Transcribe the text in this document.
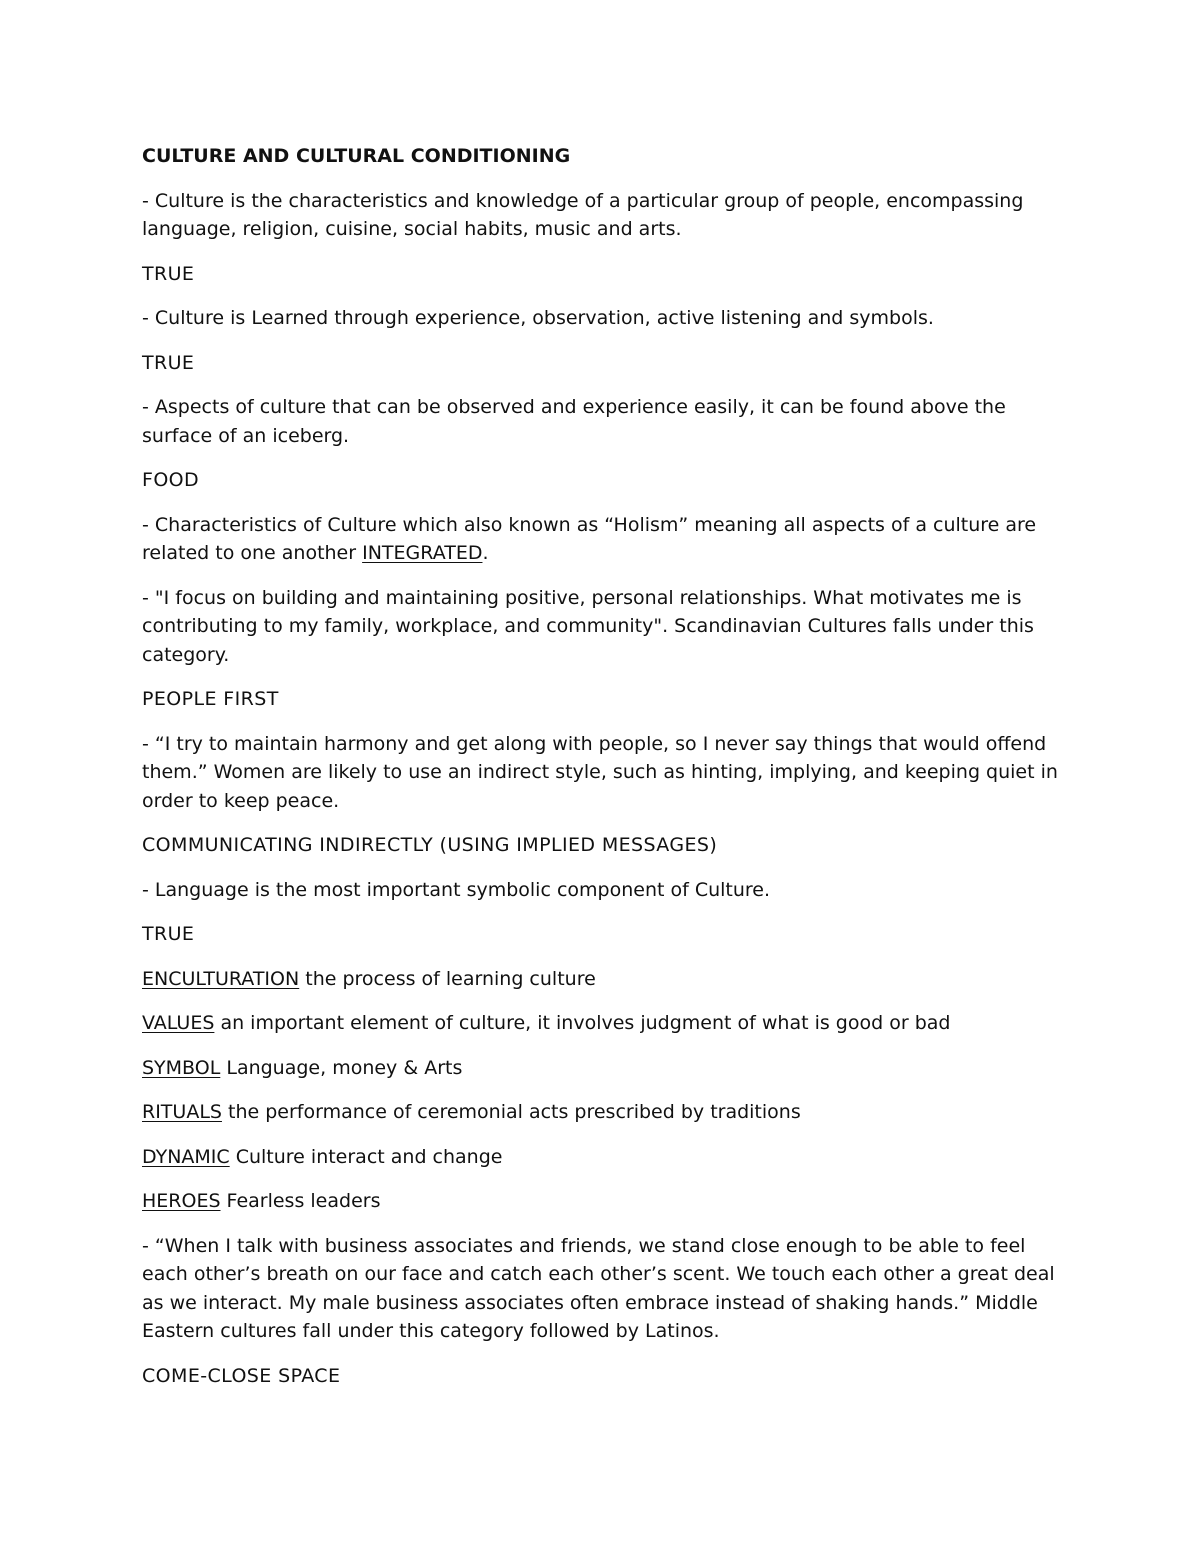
CULTURE AND CULTURAL CONDITIONING

- Culture is the characteristics and knowledge of a particular group of people, encompassing language, religion, cuisine, social habits, music and arts.

TRUE

- Culture is Learned through experience, observation, active listening and symbols.

TRUE

- Aspects of culture that can be observed and experience easily, it can be found above the surface of an iceberg.

FOOD

- Characteristics of Culture which also known as “Holism” meaning all aspects of a culture are related to one another INTEGRATED.

- "I focus on building and maintaining positive, personal relationships. What motivates me is contributing to my family, workplace, and community". Scandinavian Cultures falls under this category.

PEOPLE FIRST

- “I try to maintain harmony and get along with people, so I never say things that would offend them.” Women are likely to use an indirect style, such as hinting, implying, and keeping quiet in order to keep peace.

COMMUNICATING INDIRECTLY (USING IMPLIED MESSAGES)

- Language is the most important symbolic component of Culture.

TRUE

ENCULTURATION the process of learning culture

VALUES an important element of culture, it involves judgment of what is good or bad

SYMBOL Language, money & Arts

RITUALS the performance of ceremonial acts prescribed by traditions

DYNAMIC Culture interact and change

HEROES Fearless leaders

- “When I talk with business associates and friends, we stand close enough to be able to feel each other’s breath on our face and catch each other’s scent. We touch each other a great deal as we interact. My male business associates often embrace instead of shaking hands.” Middle Eastern cultures fall under this category followed by Latinos.

COME-CLOSE SPACE
